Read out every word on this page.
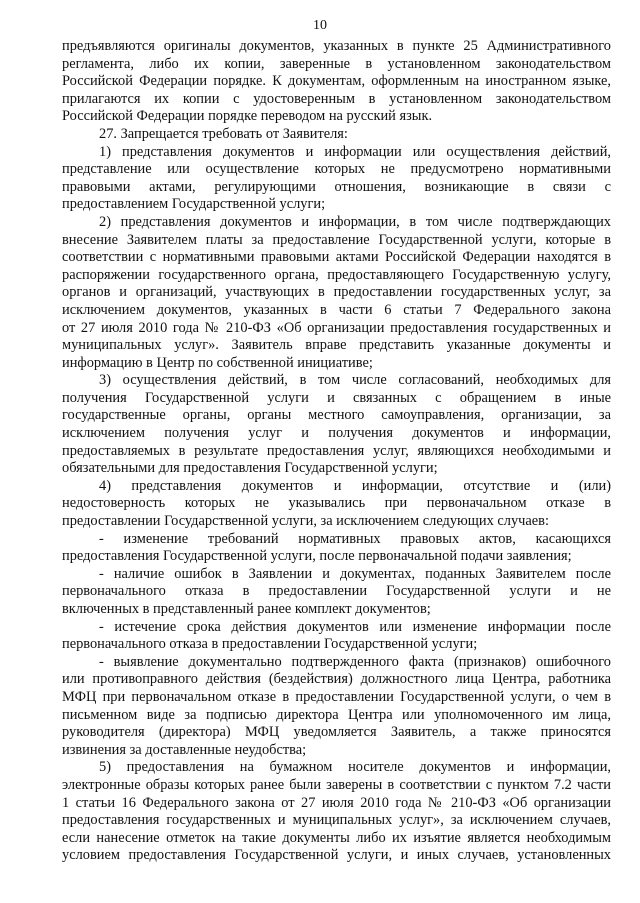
10
предъявляются оригиналы документов, указанных в пункте 25 Административного
регламента, либо их копии, заверенные в установленном законодательством
Российской Федерации порядке. К документам, оформленным на иностранном языке,
прилагаются их копии с удостоверенным в установленном законодательством
Российской Федерации порядке переводом на русский язык.
27. Запрещается требовать от Заявителя:
1) представления документов и информации или осуществления действий,
представление или осуществление которых не предусмотрено нормативными
правовыми актами, регулирующими отношения, возникающие в связи с
предоставлением Государственной услуги;
2) представления документов и информации, в том числе подтверждающих
внесение Заявителем платы за предоставление Государственной услуги, которые в
соответствии с нормативными правовыми актами Российской Федерации находятся в
распоряжении государственного органа, предоставляющего Государственную услугу,
органов и организаций, участвующих в предоставлении государственных услуг, за
исключением документов, указанных в части 6 статьи 7 Федерального закона
от 27 июля 2010 года № 210-ФЗ «Об организации предоставления государственных и
муниципальных услуг». Заявитель вправе представить указанные документы и
информацию в Центр по собственной инициативе;
3) осуществления действий, в том числе согласований, необходимых для
получения Государственной услуги и связанных с обращением в иные
государственные органы, органы местного самоуправления, организации, за
исключением получения услуг и получения документов и информации,
предоставляемых в результате предоставления услуг, являющихся необходимыми и
обязательными для предоставления Государственной услуги;
4) представления документов и информации, отсутствие и (или)
недостоверность которых не указывались при первоначальном отказе в
предоставлении Государственной услуги, за исключением следующих случаев:
- изменение требований нормативных правовых актов, касающихся
предоставления Государственной услуги, после первоначальной подачи заявления;
- наличие ошибок в Заявлении и документах, поданных Заявителем после
первоначального отказа в предоставлении Государственной услуги и не
включенных в представленный ранее комплект документов;
- истечение срока действия документов или изменение информации после
первоначального отказа в предоставлении Государственной услуги;
- выявление документально подтвержденного факта (признаков) ошибочного
или противоправного действия (бездействия) должностного лица Центра, работника
МФЦ при первоначальном отказе в предоставлении Государственной услуги, о чем в
письменном виде за подписью директора Центра или уполномоченного им лица,
руководителя (директора) МФЦ уведомляется Заявитель, а также приносятся
извинения за доставленные неудобства;
5) предоставления на бумажном носителе документов и информации,
электронные образы которых ранее были заверены в соответствии с пунктом 7.2 части
1 статьи 16 Федерального закона от 27 июля 2010 года № 210-ФЗ «Об организации
предоставления государственных и муниципальных услуг», за исключением случаев,
если нанесение отметок на такие документы либо их изъятие является необходимым
условием предоставления Государственной услуги, и иных случаев, установленных
